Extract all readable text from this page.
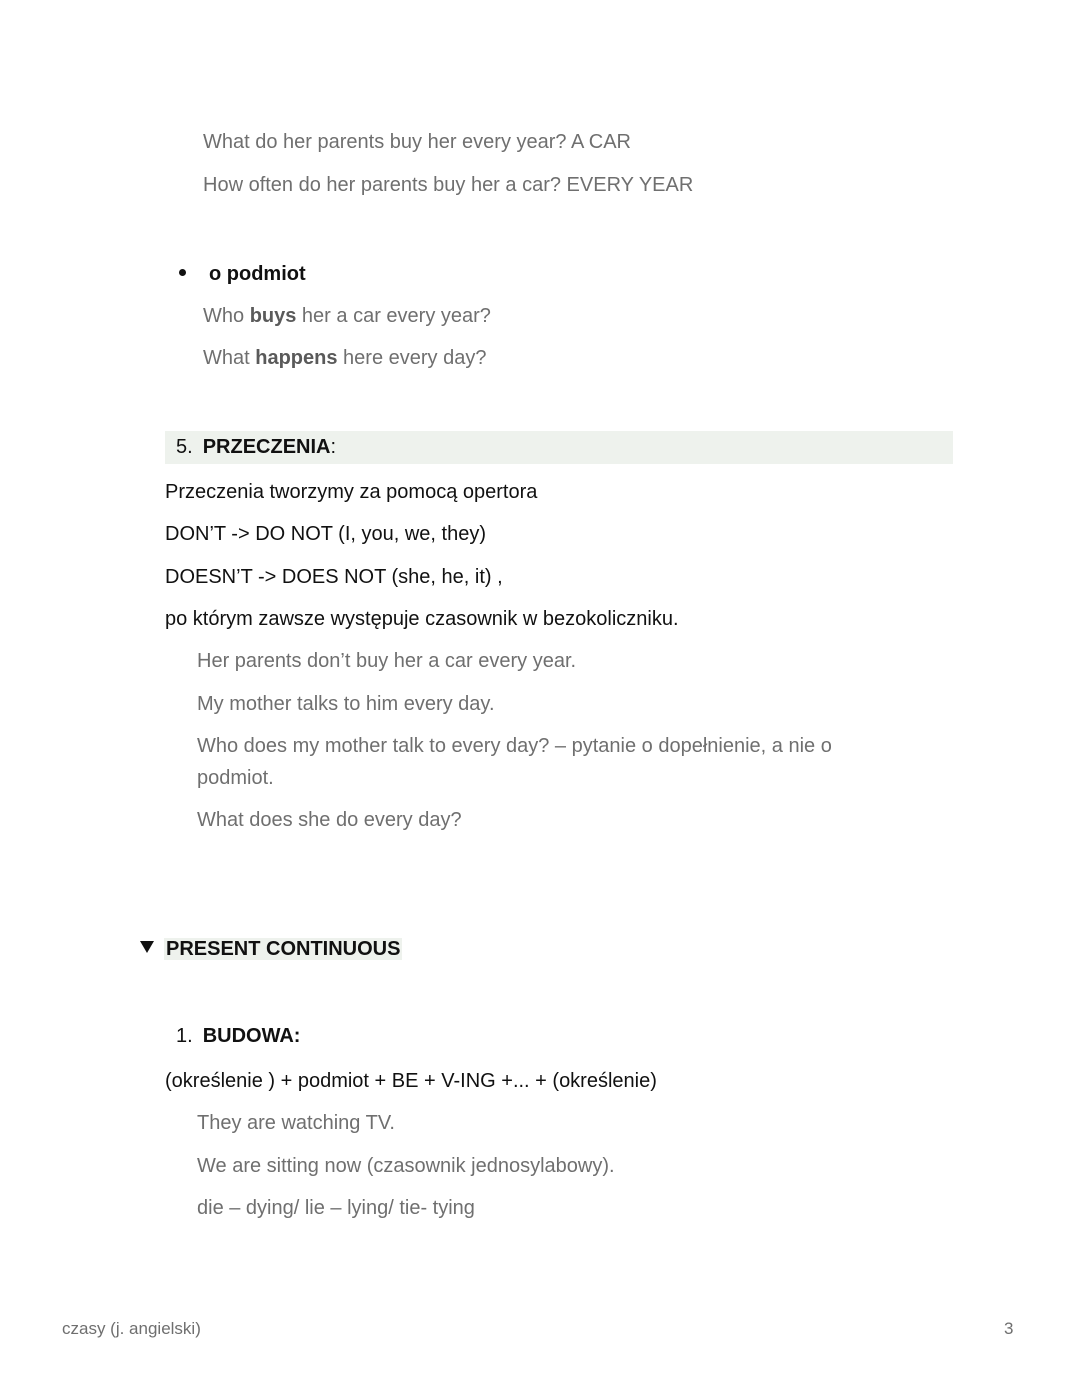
What do her parents buy her every year? A CAR
How often do her parents buy her a car? EVERY YEAR
o podmiot
Who buys her a car every year?
What happens here every day?
5. PRZECZENIA:
Przeczenia tworzymy za pomocą opertora
DON’T -> DO NOT (I, you, we, they)
DOESN’T -> DOES NOT (she, he, it) ,
po którym zawsze występuje czasownik w bezokoliczniku.
Her parents don’t buy her a car every year.
My mother talks to him every day.
Who does my mother talk to every day? – pytanie o dopełnienie, a nie o podmiot.
What does she do every day?
PRESENT CONTINUOUS
1. BUDOWA:
(określenie ) + podmiot + BE + V-ING +... + (określenie)
They are watching TV.
We are sitting now (czasownik jednosylabowy).
die – dying/ lie – lying/ tie- tying
czasy (j. angielski)	3
